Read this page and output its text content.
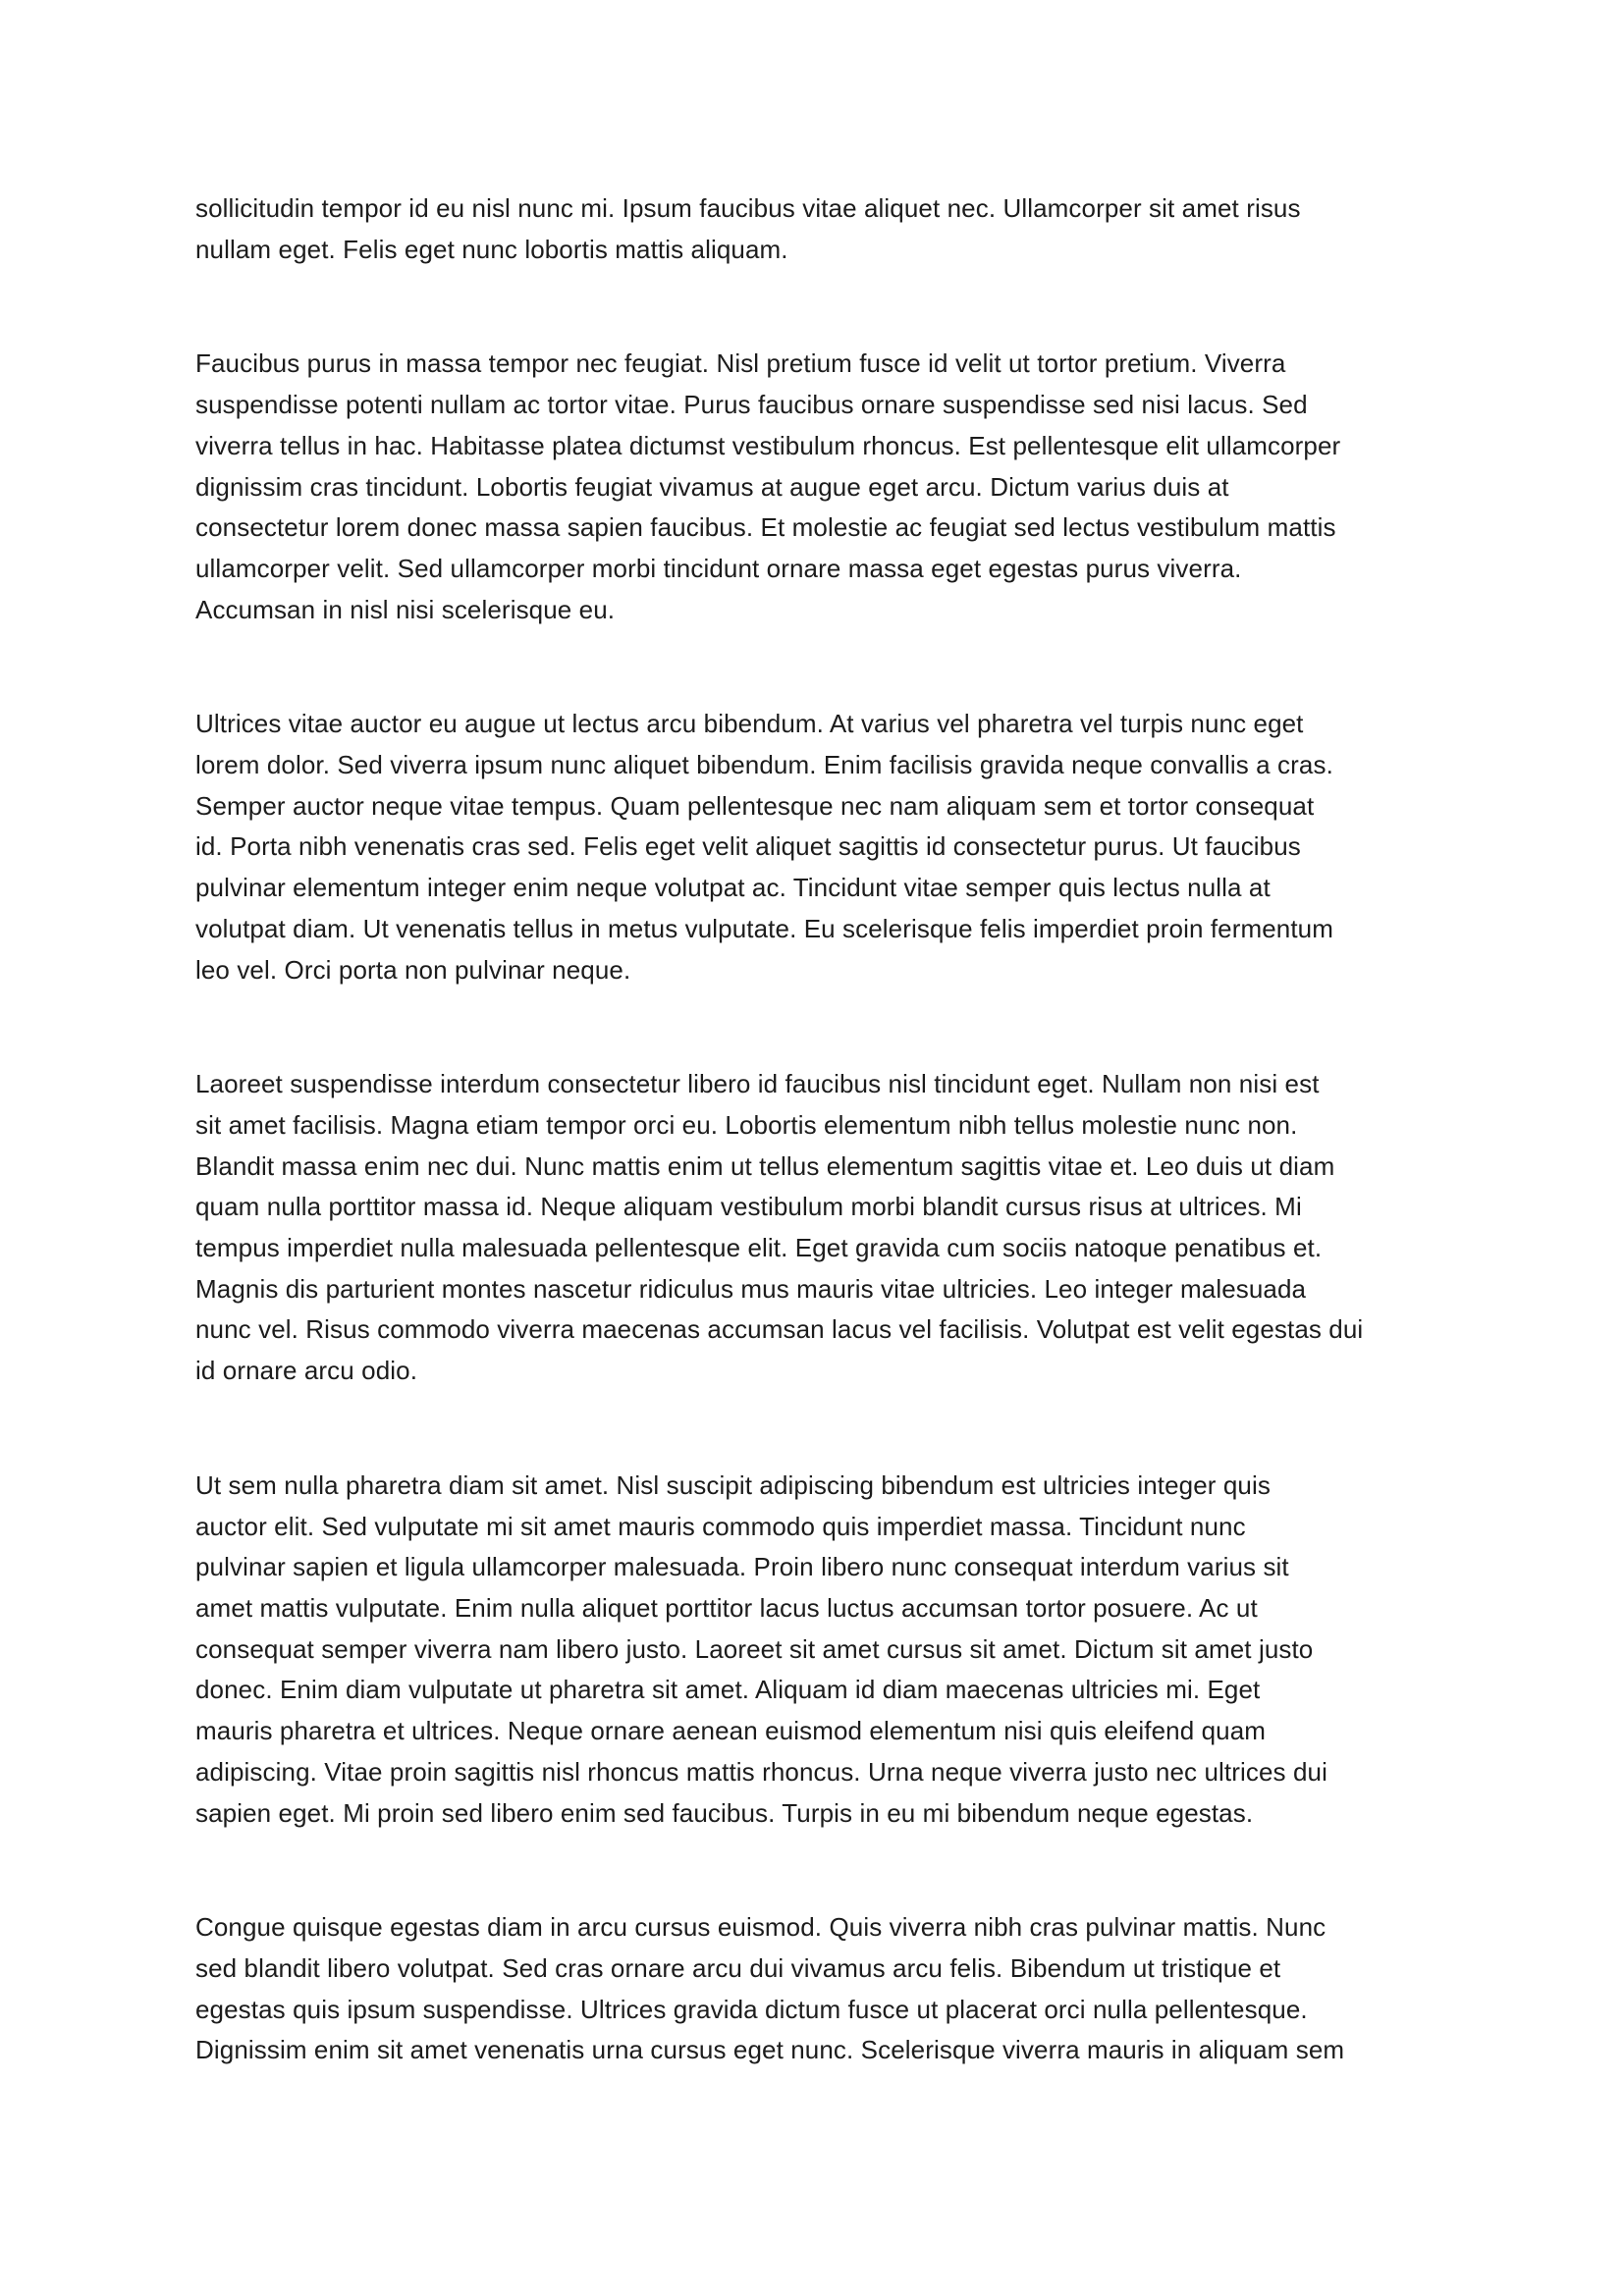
sollicitudin tempor id eu nisl nunc mi. Ipsum faucibus vitae aliquet nec. Ullamcorper sit amet risus
nullam eget. Felis eget nunc lobortis mattis aliquam.
Faucibus purus in massa tempor nec feugiat. Nisl pretium fusce id velit ut tortor pretium. Viverra
suspendisse potenti nullam ac tortor vitae. Purus faucibus ornare suspendisse sed nisi lacus. Sed
viverra tellus in hac. Habitasse platea dictumst vestibulum rhoncus. Est pellentesque elit ullamcorper
dignissim cras tincidunt. Lobortis feugiat vivamus at augue eget arcu. Dictum varius duis at
consectetur lorem donec massa sapien faucibus. Et molestie ac feugiat sed lectus vestibulum mattis
ullamcorper velit. Sed ullamcorper morbi tincidunt ornare massa eget egestas purus viverra.
Accumsan in nisl nisi scelerisque eu.
Ultrices vitae auctor eu augue ut lectus arcu bibendum. At varius vel pharetra vel turpis nunc eget
lorem dolor. Sed viverra ipsum nunc aliquet bibendum. Enim facilisis gravida neque convallis a cras.
Semper auctor neque vitae tempus. Quam pellentesque nec nam aliquam sem et tortor consequat
id. Porta nibh venenatis cras sed. Felis eget velit aliquet sagittis id consectetur purus. Ut faucibus
pulvinar elementum integer enim neque volutpat ac. Tincidunt vitae semper quis lectus nulla at
volutpat diam. Ut venenatis tellus in metus vulputate. Eu scelerisque felis imperdiet proin fermentum
leo vel. Orci porta non pulvinar neque.
Laoreet suspendisse interdum consectetur libero id faucibus nisl tincidunt eget. Nullam non nisi est
sit amet facilisis. Magna etiam tempor orci eu. Lobortis elementum nibh tellus molestie nunc non.
Blandit massa enim nec dui. Nunc mattis enim ut tellus elementum sagittis vitae et. Leo duis ut diam
quam nulla porttitor massa id. Neque aliquam vestibulum morbi blandit cursus risus at ultrices. Mi
tempus imperdiet nulla malesuada pellentesque elit. Eget gravida cum sociis natoque penatibus et.
Magnis dis parturient montes nascetur ridiculus mus mauris vitae ultricies. Leo integer malesuada
nunc vel. Risus commodo viverra maecenas accumsan lacus vel facilisis. Volutpat est velit egestas dui
id ornare arcu odio.
Ut sem nulla pharetra diam sit amet. Nisl suscipit adipiscing bibendum est ultricies integer quis
auctor elit. Sed vulputate mi sit amet mauris commodo quis imperdiet massa. Tincidunt nunc
pulvinar sapien et ligula ullamcorper malesuada. Proin libero nunc consequat interdum varius sit
amet mattis vulputate. Enim nulla aliquet porttitor lacus luctus accumsan tortor posuere. Ac ut
consequat semper viverra nam libero justo. Laoreet sit amet cursus sit amet. Dictum sit amet justo
donec. Enim diam vulputate ut pharetra sit amet. Aliquam id diam maecenas ultricies mi. Eget
mauris pharetra et ultrices. Neque ornare aenean euismod elementum nisi quis eleifend quam
adipiscing. Vitae proin sagittis nisl rhoncus mattis rhoncus. Urna neque viverra justo nec ultrices dui
sapien eget. Mi proin sed libero enim sed faucibus. Turpis in eu mi bibendum neque egestas.
Congue quisque egestas diam in arcu cursus euismod. Quis viverra nibh cras pulvinar mattis. Nunc
sed blandit libero volutpat. Sed cras ornare arcu dui vivamus arcu felis. Bibendum ut tristique et
egestas quis ipsum suspendisse. Ultrices gravida dictum fusce ut placerat orci nulla pellentesque.
Dignissim enim sit amet venenatis urna cursus eget nunc. Scelerisque viverra mauris in aliquam sem
